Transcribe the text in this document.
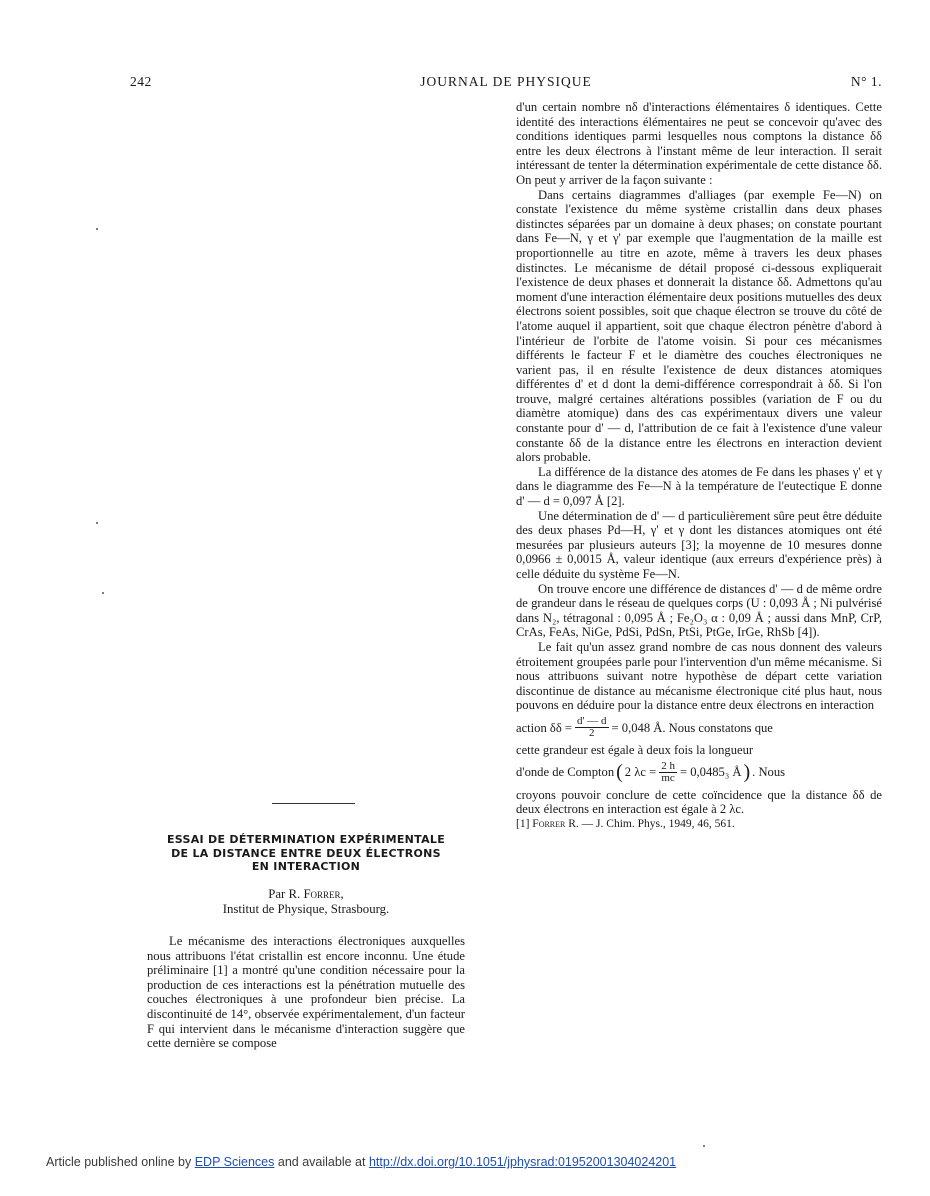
242	JOURNAL DE PHYSIQUE	N° 1.

d'un certain nombre nδ d'interactions élémentaires δ identiques. Cette identité des interactions élémentaires ne peut se concevoir qu'avec des conditions identiques parmi lesquelles nous comptons la distance δδ entre les deux électrons à l'instant même de leur interaction. Il serait intéressant de tenter la détermination expérimentale de cette distance δδ. On peut y arriver de la façon suivante :

Dans certains diagrammes d'alliages (par exemple Fe—N) on constate l'existence du même système cristallin dans deux phases distinctes séparées par un domaine à deux phases; on constate pourtant dans Fe—N, γ et γ' par exemple que l'augmentation de la maille est proportionnelle au titre en azote, même à travers les deux phases distinctes. Le mécanisme de détail proposé ci-dessous expliquerait l'existence de deux phases et donnerait la distance δδ. Admettons qu'au moment d'une interaction élémentaire deux positions mutuelles des deux électrons soient possibles, soit que chaque électron se trouve du côté de l'atome auquel il appartient, soit que chaque électron pénètre d'abord à l'intérieur de l'orbite de l'atome voisin. Si pour ces mécanismes différents le facteur F et le diamètre des couches électroniques ne varient pas, il en résulte l'existence de deux distances atomiques différentes d' et d dont la demi-différence correspondrait à δδ. Si l'on trouve, malgré certaines altérations possibles (variation de F ou du diamètre atomique) dans des cas expérimentaux divers une valeur constante pour d' — d, l'attribution de ce fait à l'existence d'une valeur constante δδ de la distance entre les électrons en interaction devient alors probable.

La différence de la distance des atomes de Fe dans les phases γ' et γ dans le diagramme des Fe—N à la température de l'eutectique E donne d' — d = 0,097 Å [2].

Une détermination de d' — d particulièrement sûre peut être déduite des deux phases Pd—H, γ' et γ dont les distances atomiques ont été mesurées par plusieurs auteurs [3]; la moyenne de 10 mesures donne 0,0966 ± 0,0015 Å, valeur identique (aux erreurs d'expérience près) à celle déduite du système Fe—N.

On trouve encore une différence de distances d' — d de même ordre de grandeur dans le réseau de quelques corps (U : 0,093 Å ; Ni pulvérisé dans N₂, tétragonal : 0,095 Å ; Fe₂O₃ α : 0,09 Å ; aussi dans MnP, CrP, CrAs, FeAs, NiGe, PdSi, PdSn, PtSi, PtGe, IrGe, RhSb [4]).

Le fait qu'un assez grand nombre de cas nous donnent des valeurs étroitement groupées parle pour l'intervention d'un même mécanisme. Si nous attribuons suivant notre hypothèse de départ cette variation discontinue de distance au mécanisme électronique cité plus haut, nous pouvons en déduire pour la distance entre deux électrons en interaction

action $\delta\delta = \frac{d' — d}{2} = 0,048$ Å. Nous constatons que

cette grandeur est égale à deux fois la longueur

d'onde de Compton ( 2 $\lambda c = \frac{2 h}{mc} = 0,0485_3$ Å ) . Nous

croyons pouvoir conclure de cette coïncidence que la distance δδ de deux électrons en interaction est égale à 2 λc.

[1] Forrer R. — J. Chim. Phys., 1949, 46, 561.

ESSAI DE DÉTERMINATION EXPÉRIMENTALE
DE LA DISTANCE ENTRE DEUX ÉLECTRONS
EN INTERACTION
Par R. Forrer,
Institut de Physique, Strasbourg.

Le mécanisme des interactions électroniques auxquelles nous attribuons l'état cristallin est encore inconnu. Une étude préliminaire [1] a montré qu'une condition nécessaire pour la production de ces interactions est la pénétration mutuelle des couches électroniques à une profondeur bien précise. La discontinuité de 14°, observée expérimentalement, d'un facteur F qui intervient dans le mécanisme d'interaction suggère que cette dernière se compose

Article published online by EDP Sciences and available at http://dx.doi.org/10.1051/jphysrad:01952001304024201
